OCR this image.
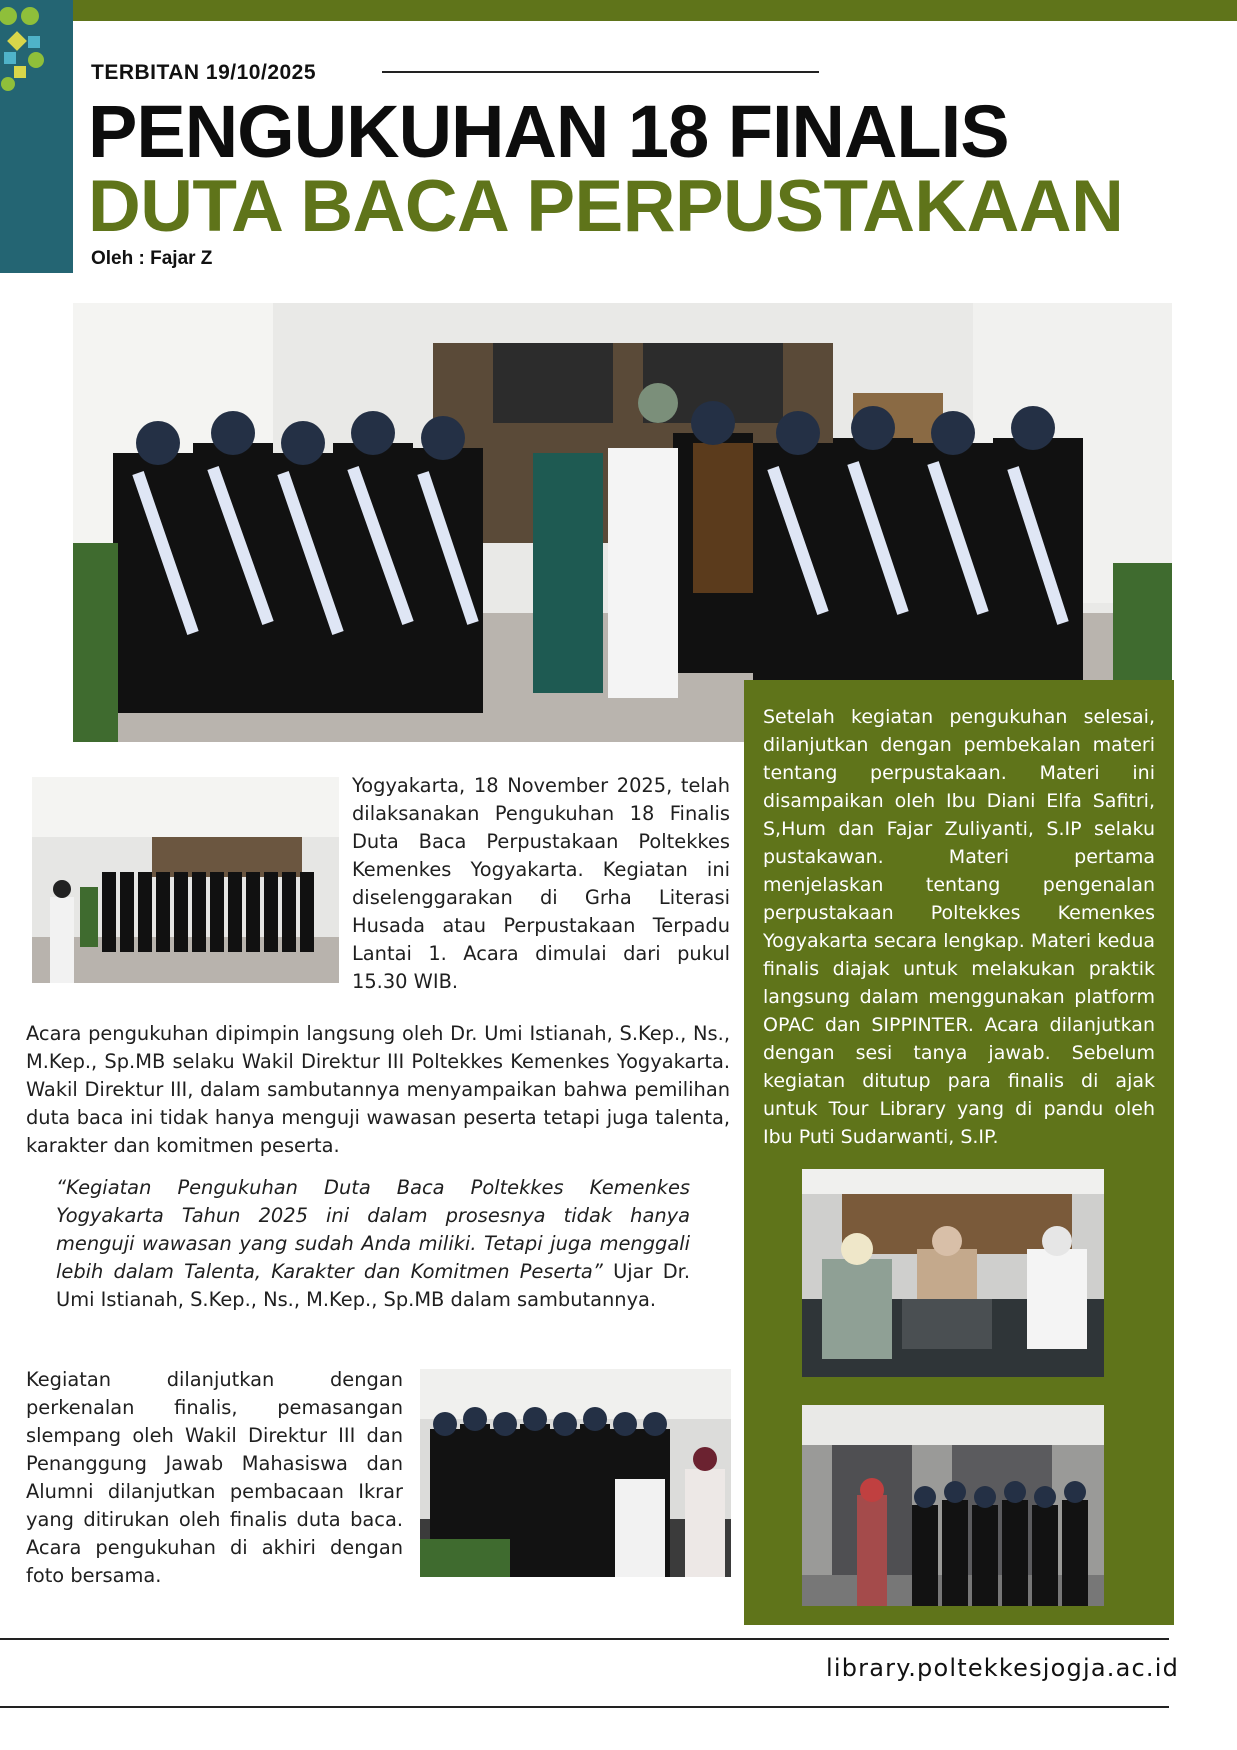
TERBITAN 19/10/2025
PENGUKUHAN 18 FINALIS
DUTA BACA PERPUSTAKAAN
Oleh : Fajar Z
Yogyakarta, 18 November 2025, telah dilaksanakan Pengukuhan 18 Finalis Duta Baca Perpustakaan Poltekkes Kemenkes Yogyakarta. Kegiatan ini diselenggarakan di Grha Literasi Husada atau Perpustakaan Terpadu Lantai 1. Acara dimulai dari pukul 15.30 WIB.
Acara pengukuhan dipimpin langsung oleh Dr. Umi Istianah, S.Kep., Ns., M.Kep., Sp.MB selaku Wakil Direktur III Poltekkes Kemenkes Yogyakarta. Wakil Direktur III, dalam sambutannya menyampaikan bahwa pemilihan duta baca ini tidak hanya menguji wawasan peserta tetapi juga talenta, karakter dan komitmen peserta.
“Kegiatan Pengukuhan Duta Baca Poltekkes Kemenkes Yogyakarta Tahun 2025 ini dalam prosesnya tidak hanya menguji wawasan yang sudah Anda miliki. Tetapi juga menggali lebih dalam Talenta, Karakter dan Komitmen Peserta” Ujar Dr. Umi Istianah, S.Kep., Ns., M.Kep., Sp.MB dalam sambutannya.
Kegiatan dilanjutkan dengan perkenalan finalis, pemasangan slempang oleh Wakil Direktur III dan Penanggung Jawab Mahasiswa dan Alumni dilanjutkan pembacaan Ikrar yang ditirukan oleh finalis duta baca. Acara pengukuhan di akhiri dengan foto bersama.
Setelah kegiatan pengukuhan selesai, dilanjutkan dengan pembekalan materi tentang perpustakaan. Materi ini disampaikan oleh Ibu Diani Elfa Safitri, S,Hum dan Fajar Zuliyanti, S.IP selaku pustakawan. Materi pertama menjelaskan tentang pengenalan perpustakaan Poltekkes Kemenkes Yogyakarta secara lengkap. Materi kedua finalis diajak untuk melakukan praktik langsung dalam menggunakan platform OPAC dan SIPPINTER. Acara dilanjutkan dengan sesi tanya jawab. Sebelum kegiatan ditutup para finalis di ajak untuk Tour Library yang di pandu oleh Ibu Puti Sudarwanti, S.IP.
library.poltekkesjogja.ac.id
